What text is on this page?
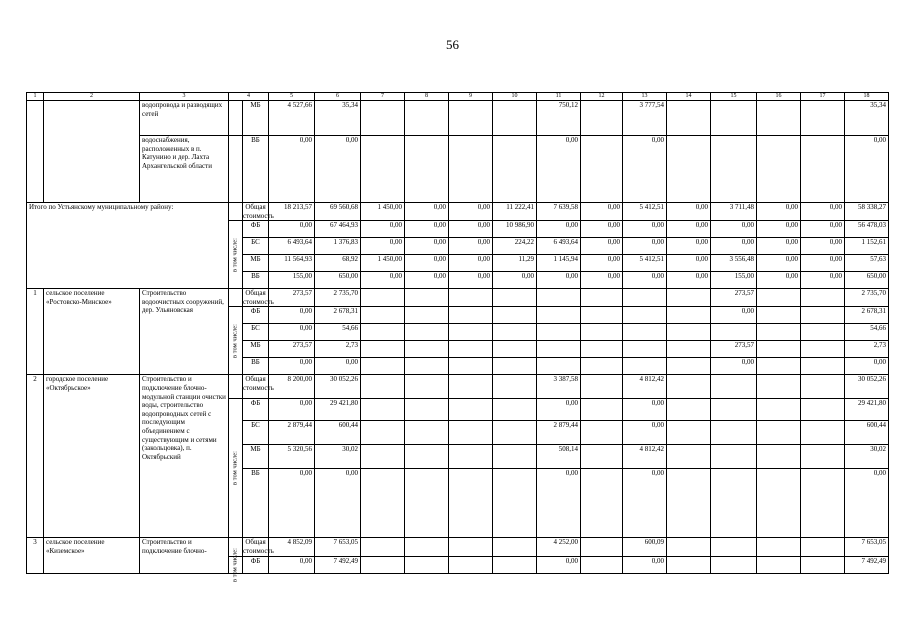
56
1	2	3	4		5	6	7	8	9	10	11	12	13	14	15	16	17	18
		водопровода и разводящих сетей		МБ	4 527,66	35,34					750,12		3 777,54					35,34
		водоснабжения, расположенных в п. Катунино и дер. Лахта Архангельской области		ВБ	0,00	0,00					0,00		0,00					0,00
Итого по Устьянскому муниципальному району:				Общая стоимость	18 213,57	69 560,68	1 450,00	0,00	0,00	11 222,41	7 639,58	0,00	5 412,51	0,00	3 711,48	0,00	0,00	58 338,27

			в том числе:	ФБ	0,00	67 464,93	0,00	0,00	0,00	10 986,90	0,00	0,00	0,00	0,00	0,00	0,00	0,00	56 478,03
				БС	6 493,64	1 376,83	0,00	0,00	0,00	224,22	6 493,64	0,00	0,00	0,00	0,00	0,00	0,00	1 152,61
				МБ	11 564,93	68,92	1 450,00	0,00	0,00	11,29	1 145,94	0,00	5 412,51	0,00	3 556,48	0,00	0,00	57,63
				ВБ	155,00	650,00	0,00	0,00	0,00	0,00	0,00	0,00	0,00	0,00	155,00	0,00	0,00	650,00
1	сельское поселение «Ростовско-Минское»	Строительство водоочистных сооружений, дер. Ульяновская		Общая стоимость	273,57	2 735,70									273,57			2 735,70

			в том числе:	ФБ	0,00	2 678,31									0,00			2 678,31
				БС	0,00	54,66												54,66
				МБ	273,57	2,73									273,57			2,73
				ВБ	0,00	0,00									0,00			0,00
2	городское поселение «Октябрьское»	Строительство и подключение блочно-модульной станции очистки воды, строительство водопроводных сетей с последующим объединением с существующим и сетями (закольцовка), п. Октябрьский		Общая стоимость	8 200,00	30 052,26					3 387,58		4 812,42					30 052,26

			в том числе:	ФБ	0,00	29 421,80					0,00		0,00					29 421,80
				БС	2 879,44	600,44					2 879,44		0,00					600,44
				МБ	5 320,56	30,02					508,14		4 812,42					30,02
				ВБ	0,00	0,00					0,00		0,00					0,00
3	сельское поселение «Киземское»	Строительство и подключение блочно-		Общая стоимость	4 852,09	7 653,05					4 252,00		600,09					7 653,05

			в том числе:	ФБ	0,00	7 492,49					0,00		0,00					7 492,49
